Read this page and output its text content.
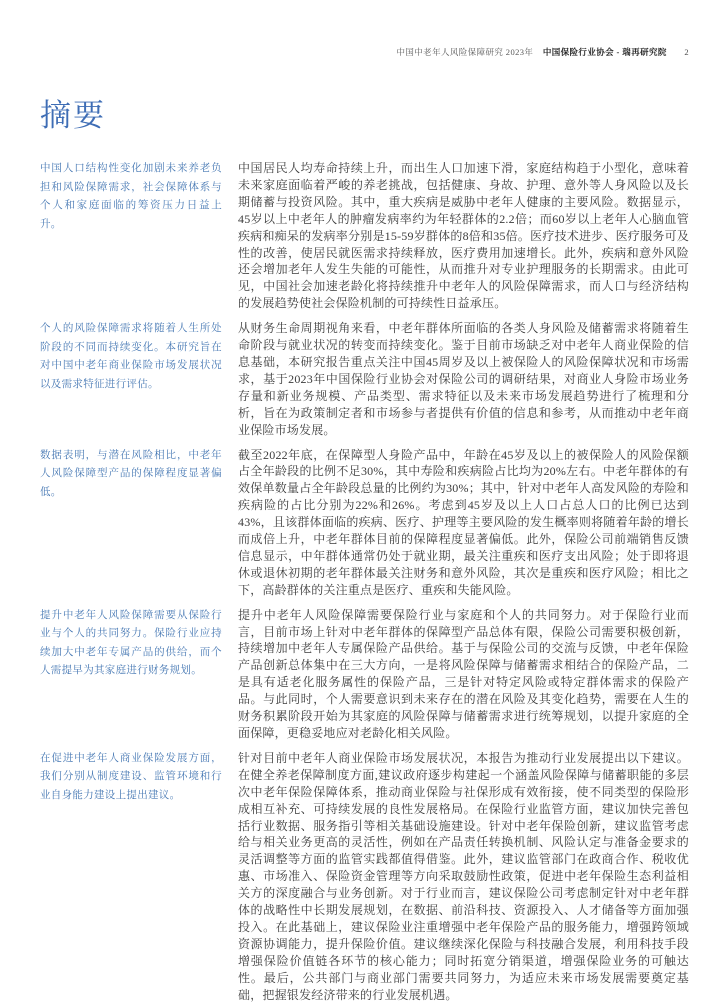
中国中老年人风险保障研究 2023年 中国保险行业协会 - 瑞再研究院 2
摘要
中国人口结构性变化加剧未来养老负担和风险保障需求，社会保障体系与个人和家庭面临的筹资压力日益上升。

中国居民人均寿命持续上升，而出生人口加速下滑，家庭结构趋于小型化，意味着未来家庭面临着严峻的养老挑战，包括健康、身故、护理、意外等人身风险以及长期储蓄与投资风险。其中，重大疾病是威胁中老年人健康的主要风险。数据显示，45岁以上中老年人的肿瘤发病率约为年轻群体的2.2倍；而60岁以上老年人心脑血管疾病和痴呆的发病率分别是15-59岁群体的8倍和35倍。医疗技术进步、医疗服务可及性的改善，使居民就医需求持续释放，医疗费用加速增长。此外，疾病和意外风险还会增加老年人发生失能的可能性，从而推升对专业护理服务的长期需求。由此可见，中国社会加速老龄化将持续推升中老年人的风险保障需求，而人口与经济结构的发展趋势使社会保险机制的可持续性日益承压。

个人的风险保障需求将随着人生所处阶段的不同而持续变化。本研究旨在对中国中老年商业保险市场发展状况以及需求特征进行评估。

从财务生命周期视角来看，中老年群体所面临的各类人身风险及储蓄需求将随着生命阶段与就业状况的转变而持续变化。鉴于目前市场缺乏对中老年人商业保险的信息基础，本研究报告重点关注中国45周岁及以上被保险人的风险保障状况和市场需求，基于2023年中国保险行业协会对保险公司的调研结果，对商业人身险市场业务存量和新业务规模、产品类型、需求特征以及未来市场发展趋势进行了梳理和分析，旨在为政策制定者和市场参与者提供有价值的信息和参考，从而推动中老年商业保险市场发展。

数据表明，与潜在风险相比，中老年人风险保障型产品的保障程度显著偏低。

截至2022年底，在保障型人身险产品中，年龄在45岁及以上的被保险人的风险保额占全年龄段的比例不足30%，其中寿险和疾病险占比均为20%左右。中老年群体的有效保单数量占全年龄段总量的比例约为30%；其中，针对中老年人高发风险的寿险和疾病险的占比分别为22%和26%。考虑到45岁及以上人口占总人口的比例已达到43%，且该群体面临的疾病、医疗、护理等主要风险的发生概率则将随着年龄的增长而成倍上升，中老年群体目前的保障程度显著偏低。此外，保险公司前端销售反馈信息显示，中年群体通常仍处于就业期，最关注重疾和医疗支出风险；处于即将退休或退休初期的老年群体最关注财务和意外风险，其次是重疾和医疗风险；相比之下，高龄群体的关注重点是医疗、重疾和失能风险。

提升中老年人风险保障需要从保险行业与个人的共同努力。保险行业应持续加大中老年专属产品的供给，而个人需提早为其家庭进行财务规划。

提升中老年人风险保障需要保险行业与家庭和个人的共同努力。对于保险行业而言，目前市场上针对中老年群体的保障型产品总体有限，保险公司需要积极创新，持续增加中老年人专属保险产品供给。基于与保险公司的交流与反馈，中老年保险产品创新总体集中在三大方向，一是将风险保障与储蓄需求相结合的保险产品，二是具有适老化服务属性的保险产品，三是针对特定风险或特定群体需求的保险产品。与此同时，个人需要意识到未来存在的潜在风险及其变化趋势，需要在人生的财务积累阶段开始为其家庭的风险保障与储蓄需求进行统筹规划，以提升家庭的全面保障，更稳妥地应对老龄化相关风险。

在促进中老年人商业保险发展方面，我们分别从制度建设、监管环境和行业自身能力建设上提出建议。

针对目前中老年人商业保险市场发展状况，本报告为推动行业发展提出以下建议。在健全养老保障制度方面,建议政府逐步构建起一个涵盖风险保障与储蓄职能的多层次中老年保险保障体系，推动商业保险与社保形成有效衔接，使不同类型的保险形成相互补充、可持续发展的良性发展格局。在保险行业监管方面，建议加快完善包括行业数据、服务指引等相关基础设施建设。针对中老年保险创新，建议监管考虑给与相关业务更高的灵活性，例如在产品责任转换机制、风险认定与准备金要求的灵活调整等方面的监管实践都值得借鉴。此外，建议监管部门在政商合作、税收优惠、市场准入、保险资金管理等方向采取鼓励性政策，促进中老年保险生态利益相关方的深度融合与业务创新。对于行业而言，建议保险公司考虑制定针对中老年群体的战略性中长期发展规划，在数据、前沿科技、资源投入、人才储备等方面加强投入。在此基础上，建议保险业注重增强中老年保险产品的服务能力，增强跨领域资源协调能力，提升保险价值。建议继续深化保险与科技融合发展，利用科技手段增强保险价值链各环节的核心能力；同时拓宽分销渠道，增强保险业务的可触达性。最后，公共部门与商业部门需要共同努力，为适应未来市场发展需要奠定基础，把握银发经济带来的行业发展机遇。
